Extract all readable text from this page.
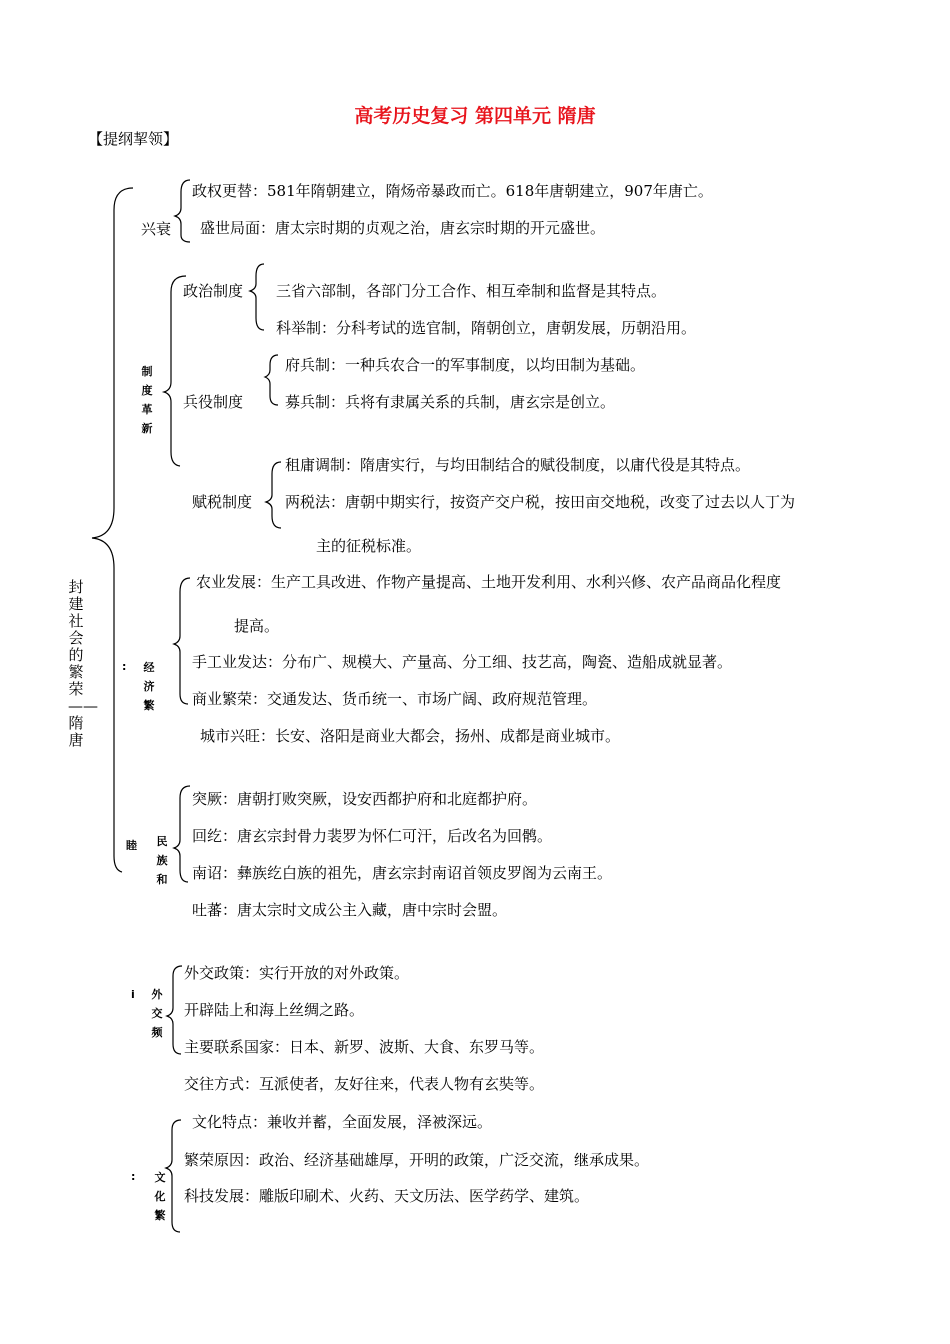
高考历史复习 第四单元 隋唐
【提纲挈领】
封建社会的繁荣——隋唐
兴衰
政权更替：581年隋朝建立，隋炀帝暴政而亡。618年唐朝建立，907年唐亡。
盛世局面：唐太宗时期的贞观之治，唐玄宗时期的开元盛世。
制度革新
政治制度 三省六部制，各部门分工合作、相互牵制和监督是其特点。
科举制：分科考试的选官制，隋朝创立，唐朝发展，历朝沿用。
兵役制度
府兵制：一种兵农合一的军事制度，以均田制为基础。
募兵制：兵将有隶属关系的兵制，唐玄宗是创立。
赋税制度
租庸调制：隋唐实行，与均田制结合的赋役制度，以庸代役是其特点。
两税法：唐朝中期实行，按资产交户税，按田亩交地税，改变了过去以人丁为
主的征税标准。
: 经济繁
农业发展：生产工具改进、作物产量提高、土地开发利用、水利兴修、农产品商品化程度
提高。
手工业发达：分布广、规模大、产量高、分工细、技艺高，陶瓷、造船成就显著。
商业繁荣：交通发达、货币统一、市场广阔、政府规范管理。
城市兴旺：长安、洛阳是商业大都会，扬州、成都是商业城市。
睦 民族和
突厥：唐朝打败突厥，设安西都护府和北庭都护府。
回纥：唐玄宗封骨力裴罗为怀仁可汗，后改名为回鹘。
南诏：彝族纥白族的祖先，唐玄宗封南诏首领皮罗阁为云南王。
吐蕃：唐太宗时文成公主入藏，唐中宗时会盟。
i 外交频
外交政策：实行开放的对外政策。
开辟陆上和海上丝绸之路。
主要联系国家：日本、新罗、波斯、大食、东罗马等。
交往方式：互派使者，友好往来，代表人物有玄奘等。
: 文化繁
文化特点：兼收并蓄，全面发展，泽被深远。
繁荣原因：政治、经济基础雄厚，开明的政策，广泛交流，继承成果。
科技发展：雕版印刷术、火药、天文历法、医学药学、建筑。
